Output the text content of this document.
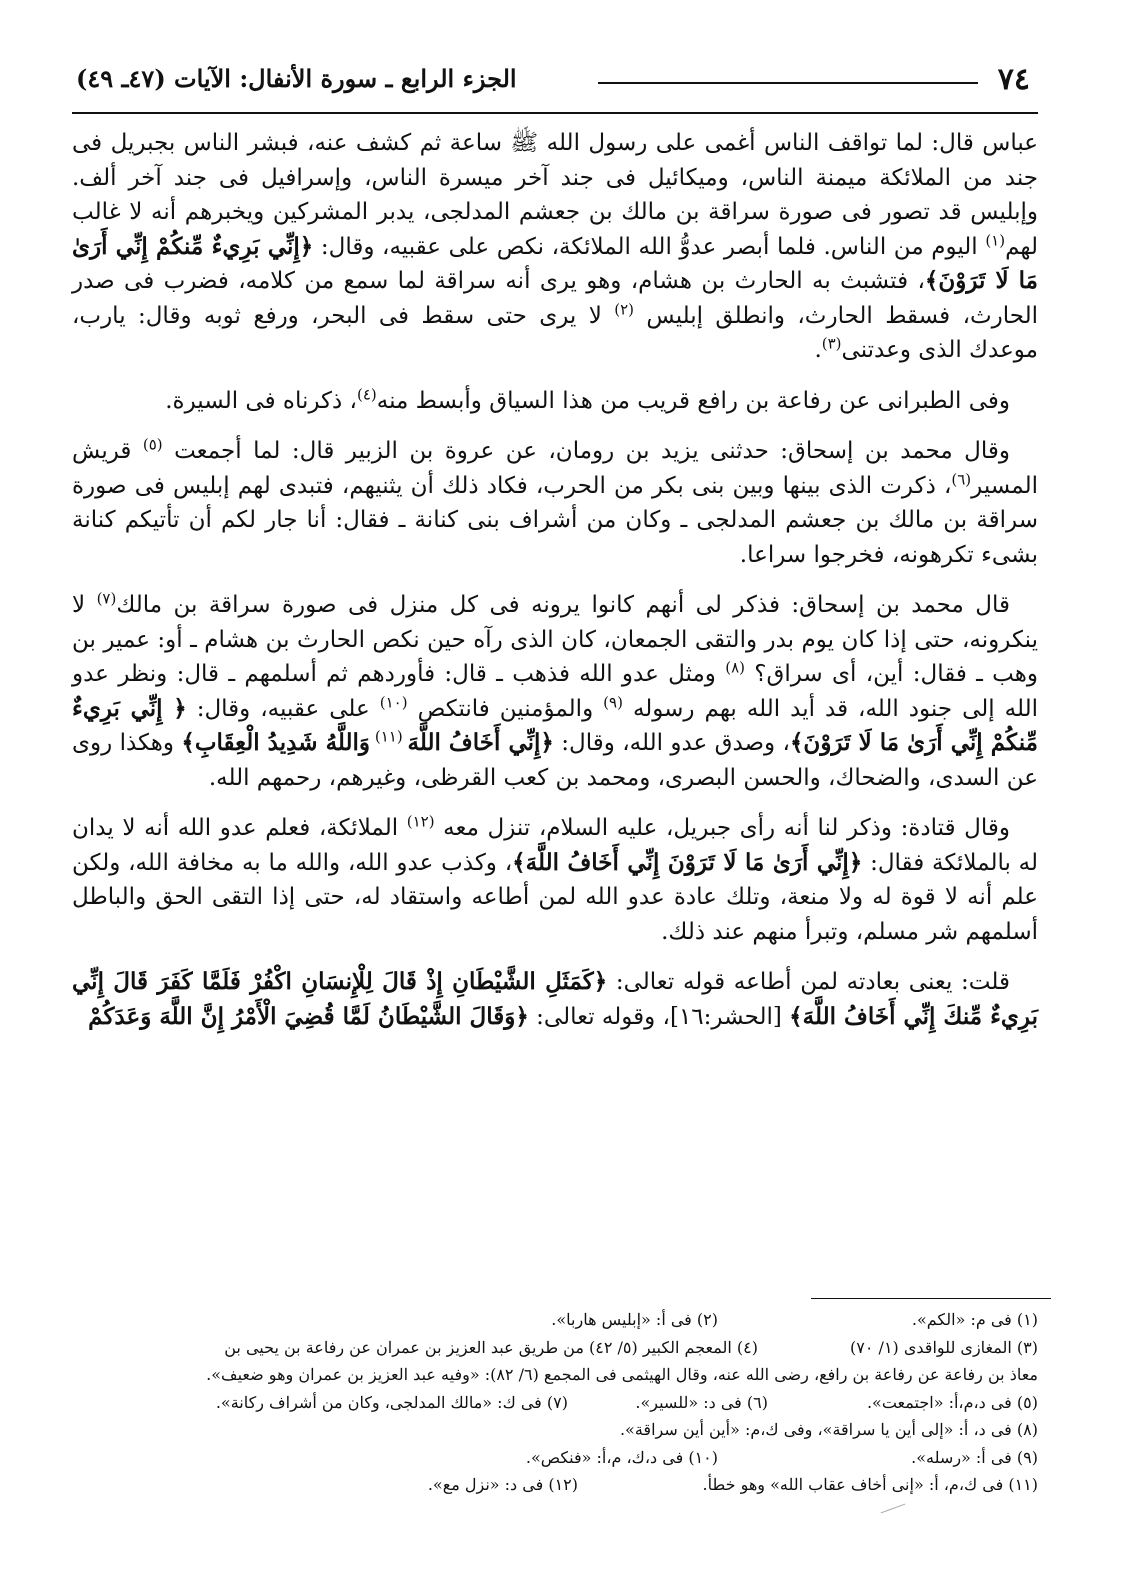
٧٤
الجزء الرابع ـ سورة الأنفال: الآيات (٤٧ـ ٤٩)

عباس قال: لما تواقف الناس أغمى على رسول الله ﷺ ساعة ثم كشف عنه، فبشر الناس بجبريل فى جند من الملائكة ميمنة الناس، وميكائيل فى جند آخر ميسرة الناس، وإسرافيل فى جند آخر ألف. وإبليس قد تصور فى صورة سراقة بن مالك بن جعشم المدلجى، يدبر المشركين ويخبرهم أنه لا غالب لهم$^{(١)}$ اليوم من الناس. فلما أبصر عدوُّ الله الملائكة، نكص على عقبيه، وقال: ﴿إِنِّي بَرِيءٌ مِّنكُمْ إِنِّي أَرَىٰ مَا لَا تَرَوْنَ﴾، فتشبث به الحارث بن هشام، وهو يرى أنه سراقة لما سمع من كلامه، فضرب فى صدر الحارث، فسقط الحارث، وانطلق إبليس $^{(٢)}$ لا يرى حتى سقط فى البحر، ورفع ثوبه وقال: يارب، موعدك الذى وعدتنى$^{(٣)}$.

وفى الطبرانى عن رفاعة بن رافع قريب من هذا السياق وأبسط منه$^{(٤)}$، ذكرناه فى السيرة.

وقال محمد بن إسحاق: حدثنى يزيد بن رومان، عن عروة بن الزبير قال: لما أجمعت $^{(٥)}$ قريش المسير$^{(٦)}$، ذكرت الذى بينها وبين بنى بكر من الحرب، فكاد ذلك أن يثنيهم، فتبدى لهم إبليس فى صورة سراقة بن مالك بن جعشم المدلجى ـ وكان من أشراف بنى كنانة ـ فقال: أنا جار لكم أن تأتيكم كنانة بشىء تكرهونه، فخرجوا سراعا.

قال محمد بن إسحاق: فذكر لى أنهم كانوا يرونه فى كل منزل فى صورة سراقة بن مالك$^{(٧)}$ لا ينكرونه، حتى إذا كان يوم بدر والتقى الجمعان، كان الذى رآه حين نكص الحارث بن هشام ـ أو: عمير بن وهب ـ فقال: أين، أى سراق؟ $^{(٨)}$ ومثل عدو الله فذهب ـ قال: فأوردهم ثم أسلمهم ـ قال: ونظر عدو الله إلى جنود الله، قد أيد الله بهم رسوله $^{(٩)}$ والمؤمنين فانتكص $^{(١٠)}$ على عقبيه، وقال: ﴿ إِنِّي بَرِيءٌ مِّنكُمْ إِنِّي أَرَىٰ مَا لَا تَرَوْنَ﴾، وصدق عدو الله، وقال: ﴿إِنِّي أَخَافُ اللَّهَ $^{(١١)}$ وَاللَّهُ شَدِيدُ الْعِقَابِ﴾ وهكذا روى عن السدى، والضحاك، والحسن البصرى، ومحمد بن كعب القرظى، وغيرهم، رحمهم الله.

وقال قتادة: وذكر لنا أنه رأى جبريل، عليه السلام، تنزل معه $^{(١٢)}$ الملائكة، فعلم عدو الله أنه لا يدان له بالملائكة فقال: ﴿إِنِّي أَرَىٰ مَا لَا تَرَوْنَ إِنِّي أَخَافُ اللَّهَ﴾، وكذب عدو الله، والله ما به مخافة الله، ولكن علم أنه لا قوة له ولا منعة، وتلك عادة عدو الله لمن أطاعه واستقاد له، حتى إذا التقى الحق والباطل أسلمهم شر مسلم، وتبرأ منهم عند ذلك.

قلت: يعنى بعادته لمن أطاعه قوله تعالى: ﴿كَمَثَلِ الشَّيْطَانِ إِذْ قَالَ لِلْإِنسَانِ اكْفُرْ فَلَمَّا كَفَرَ قَالَ إِنِّي بَرِيءٌ مِّنكَ إِنِّي أَخَافُ اللَّهَ﴾ [الحشر:١٦]، وقوله تعالى: ﴿وَقَالَ الشَّيْطَانُ لَمَّا قُضِيَ الْأَمْرُ إِنَّ اللَّهَ وَعَدَكُمْ

(١) فى م: «الكم».
(٢) فى أ: «إبليس هاربا».
(٤) المعجم الكبير (٥/ ٤٢) من طريق عبد العزيز بن عمران عن رفاعة بن يحيى بن	(٣) المغازى للواقدى (١/ ٧٠)
معاذ بن رفاعة عن رفاعة بن رافع، رضى الله عنه، وقال الهيثمى فى المجمع (٦/ ٨٢): «وفيه عبد العزيز بن عمران وهو ضعيف».
(٥) فى د،م،أ: «اجتمعت».
(٦) فى د: «للسير».
(٧) فى ك: «مالك المدلجى، وكان من أشراف ركانة».
(٨) فى د، أ: «إلى أين يا سراقة»، وفى ك،م: «أين أين سراقة».
(٩) فى أ: «رسله».
(١٠) فى د،ك، م،أ: «فنكص».
(١١) فى ك،م، أ: «إنى أخاف عقاب الله» وهو خطأ.
(١٢) فى د: «نزل مع».
